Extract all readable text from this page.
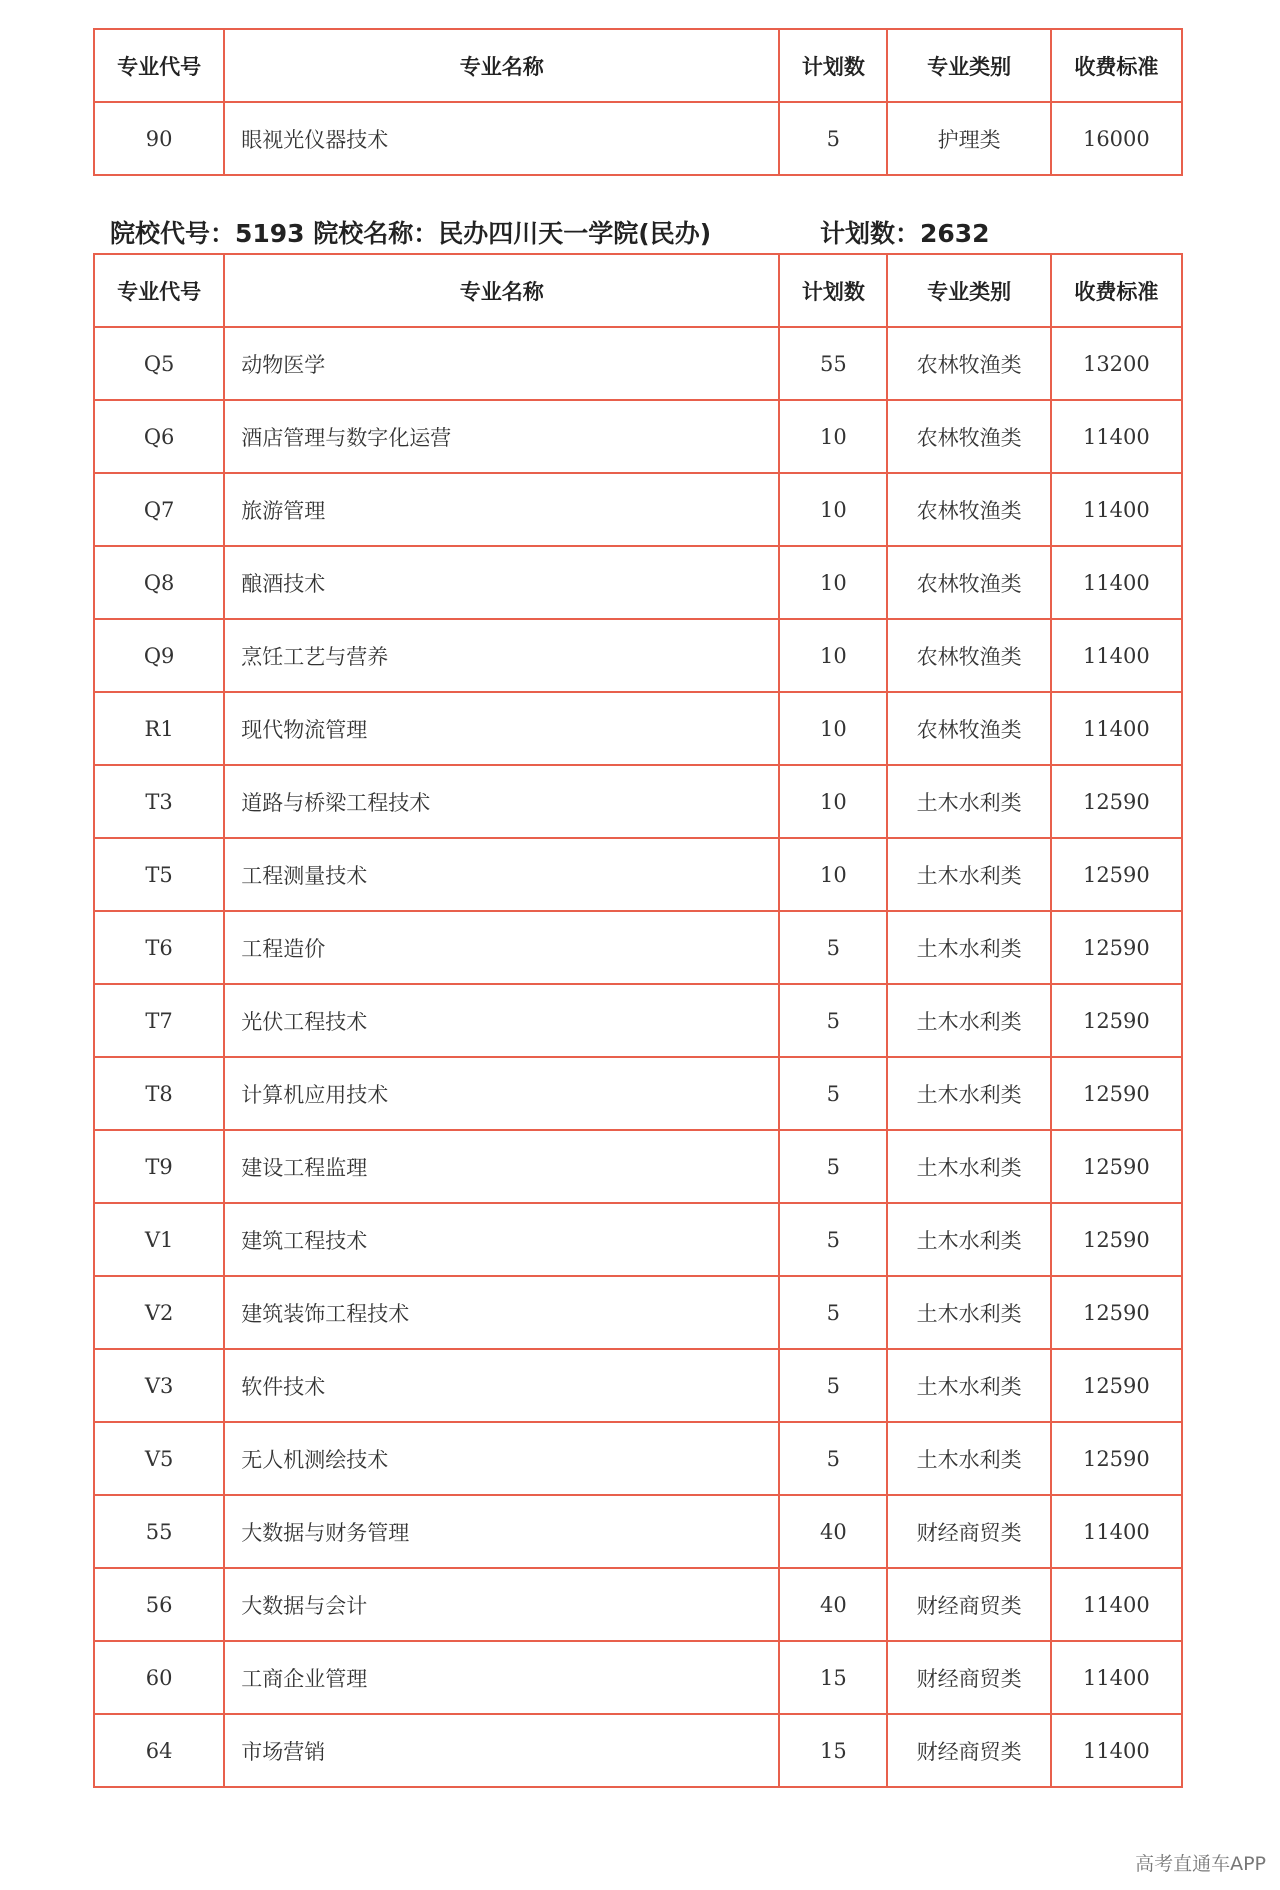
专业代号	专业名称	计划数	专业类别	收费标准
90	眼视光仪器技术	5	护理类	16000
院校代号：5193 院校名称：民办四川天一学院(民办)	计划数：2632
专业代号	专业名称	计划数	专业类别	收费标准
Q5	动物医学	55	农林牧渔类	13200
Q6	酒店管理与数字化运营	10	农林牧渔类	11400
Q7	旅游管理	10	农林牧渔类	11400
Q8	酿酒技术	10	农林牧渔类	11400
Q9	烹饪工艺与营养	10	农林牧渔类	11400
R1	现代物流管理	10	农林牧渔类	11400
T3	道路与桥梁工程技术	10	土木水利类	12590
T5	工程测量技术	10	土木水利类	12590
T6	工程造价	5	土木水利类	12590
T7	光伏工程技术	5	土木水利类	12590
T8	计算机应用技术	5	土木水利类	12590
T9	建设工程监理	5	土木水利类	12590
V1	建筑工程技术	5	土木水利类	12590
V2	建筑装饰工程技术	5	土木水利类	12590
V3	软件技术	5	土木水利类	12590
V5	无人机测绘技术	5	土木水利类	12590
55	大数据与财务管理	40	财经商贸类	11400
56	大数据与会计	40	财经商贸类	11400
60	工商企业管理	15	财经商贸类	11400
64	市场营销	15	财经商贸类	11400
高考直通车APP
